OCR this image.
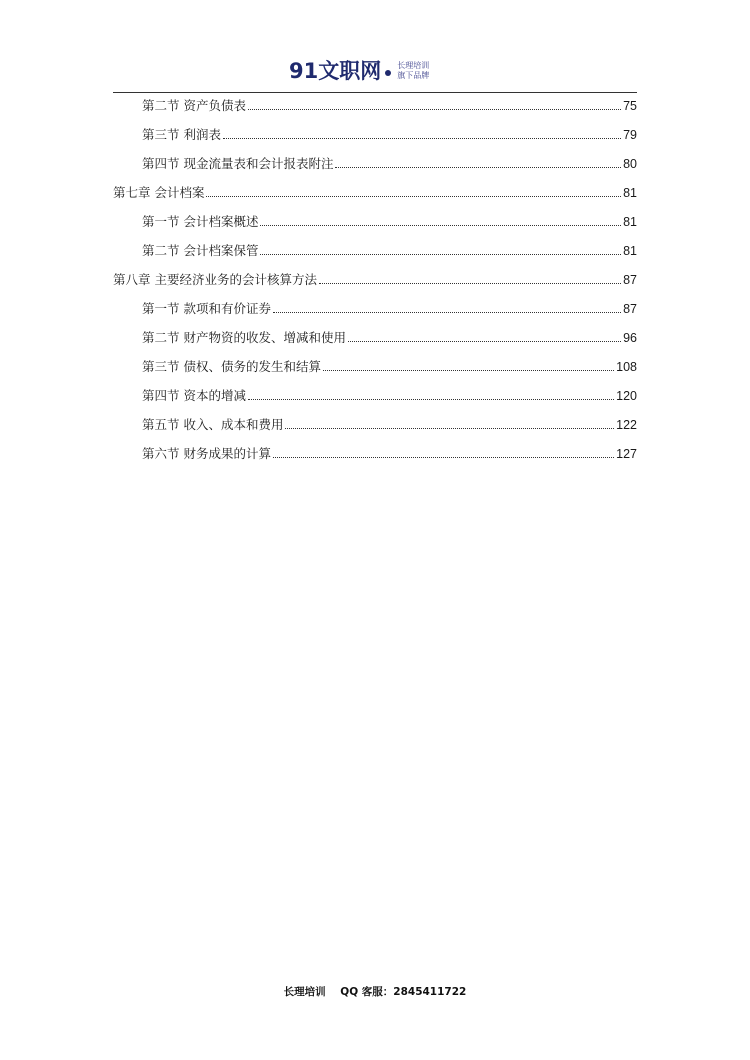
91文职网 长理培训
旗下品牌
第二节 资产负债表	75
第三节 利润表	79
第四节 现金流量表和会计报表附注	80
第七章 会计档案	81
第一节 会计档案概述	81
第二节 会计档案保管	81
第八章 主要经济业务的会计核算方法	87
第一节 款项和有价证券	87
第二节 财产物资的收发、增减和使用	96
第三节 债权、债务的发生和结算	108
第四节 资本的增减	120
第五节 收入、成本和费用	122
第六节 财务成果的计算	127
长理培训    QQ 客服：2845411722
